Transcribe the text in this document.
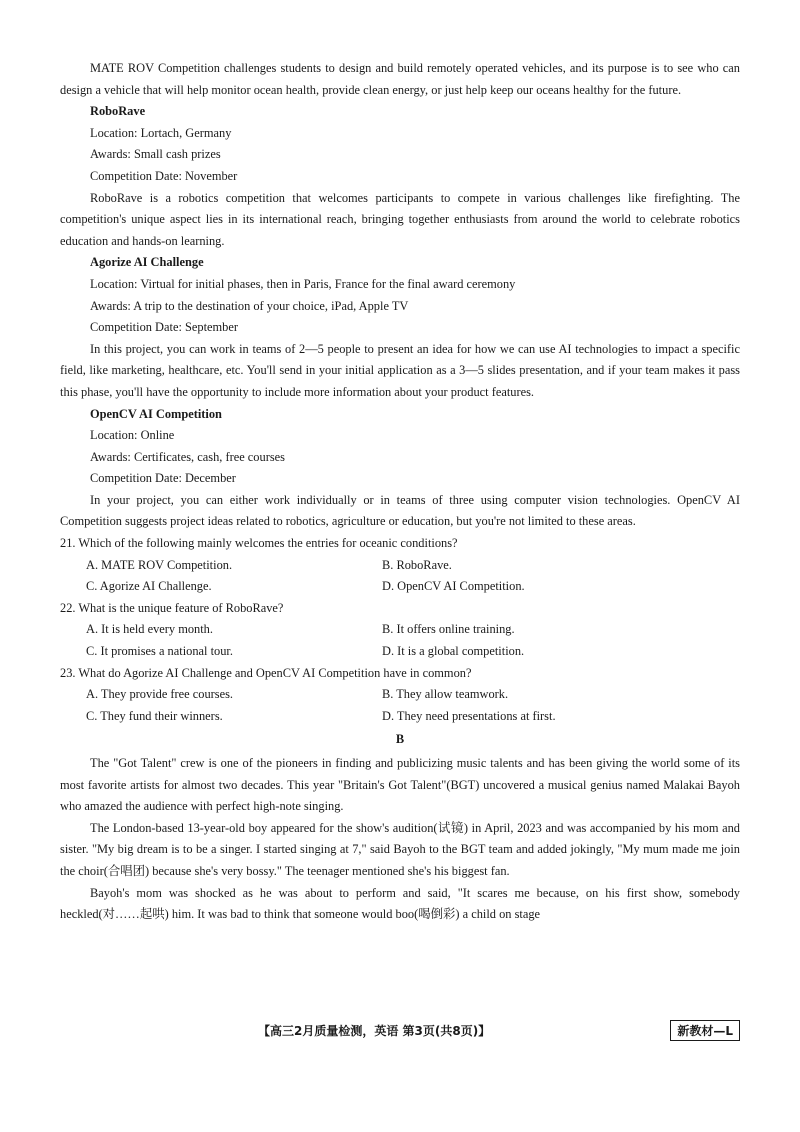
MATE ROV Competition challenges students to design and build remotely operated vehicles, and its purpose is to see who can design a vehicle that will help monitor ocean health, provide clean energy, or just help keep our oceans healthy for the future.

RoboRave

Location: Lortach, Germany

Awards: Small cash prizes

Competition Date: November

RoboRave is a robotics competition that welcomes participants to compete in various challenges like firefighting. The competition's unique aspect lies in its international reach, bringing together enthusiasts from around the world to celebrate robotics education and hands-on learning.

Agorize AI Challenge

Location: Virtual for initial phases, then in Paris, France for the final award ceremony

Awards: A trip to the destination of your choice, iPad, Apple TV

Competition Date: September

In this project, you can work in teams of 2—5 people to present an idea for how we can use AI technologies to impact a specific field, like marketing, healthcare, etc. You'll send in your initial application as a 3—5 slides presentation, and if your team makes it pass this phase, you'll have the opportunity to include more information about your product features.

OpenCV AI Competition

Location: Online

Awards: Certificates, cash, free courses

Competition Date: December

In your project, you can either work individually or in teams of three using computer vision technologies. OpenCV AI Competition suggests project ideas related to robotics, agriculture or education, but you're not limited to these areas.

21. Which of the following mainly welcomes the entries for oceanic conditions?

A. MATE ROV Competition.	B. RoboRave.
C. Agorize AI Challenge.	D. OpenCV AI Competition.

22. What is the unique feature of RoboRave?

A. It is held every month.	B. It offers online training.
C. It promises a national tour.	D. It is a global competition.

23. What do Agorize AI Challenge and OpenCV AI Competition have in common?

A. They provide free courses.	B. They allow teamwork.
C. They fund their winners.	D. They need presentations at first.

B

The "Got Talent" crew is one of the pioneers in finding and publicizing music talents and has been giving the world some of its most favorite artists for almost two decades. This year "Britain's Got Talent"(BGT) uncovered a musical genius named Malakai Bayoh who amazed the audience with perfect high-note singing.

The London-based 13-year-old boy appeared for the show's audition(试镜) in April, 2023 and was accompanied by his mom and sister. "My big dream is to be a singer. I started singing at 7," said Bayoh to the BGT team and added jokingly, "My mum made me join the choir(合唱团) because she's very bossy." The teenager mentioned she's his biggest fan.

Bayoh's mom was shocked as he was about to perform and said, "It scares me because, on his first show, somebody heckled(对……起哄) him. It was bad to think that someone would boo(喝倒彩) a child on stage

【高三2月质量检测，英语 第3页(共8页)】	新教材—L
